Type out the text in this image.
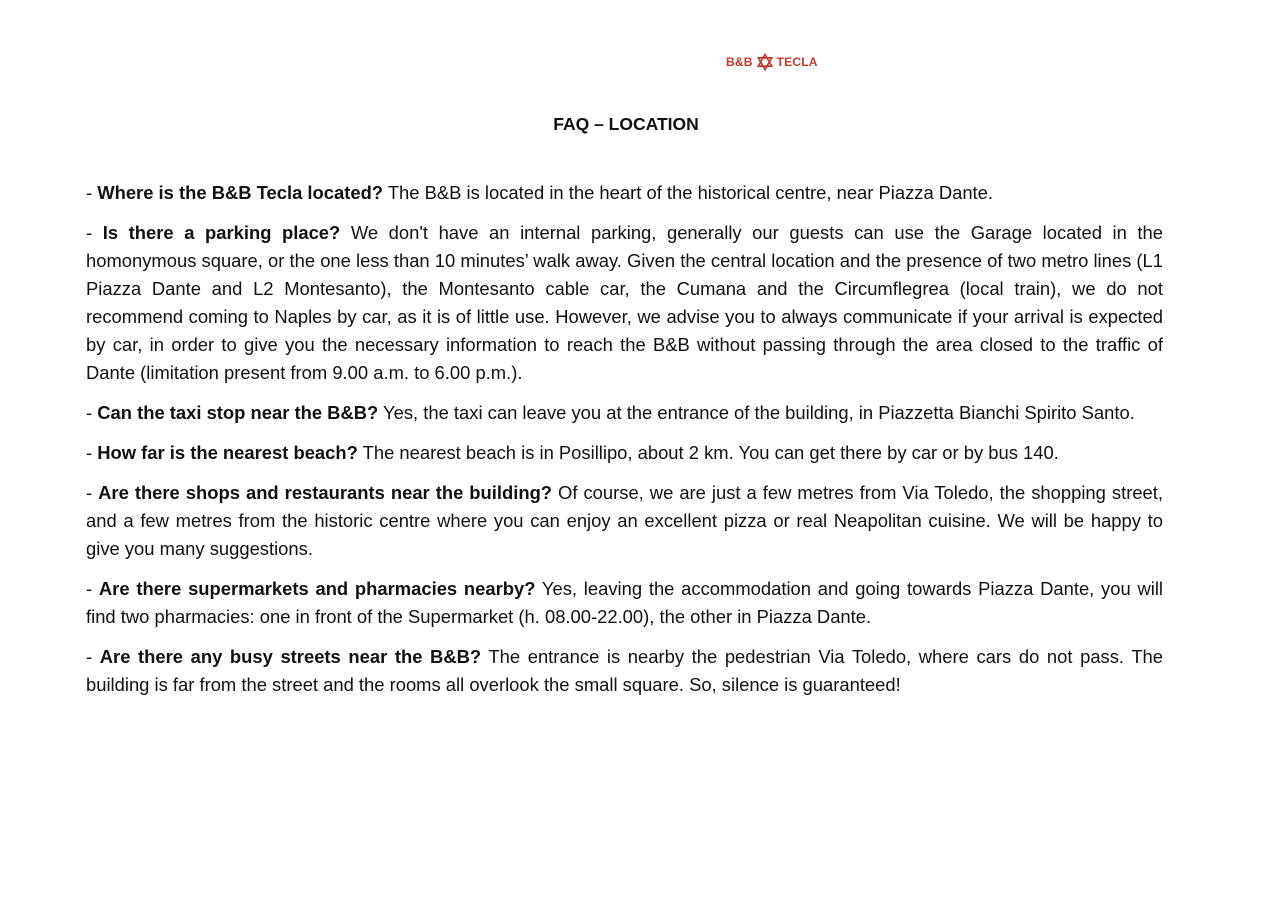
B&B TECLA
FAQ – LOCATION

- Where is the B&B Tecla located? The B&B is located in the heart of the historical centre, near Piazza Dante.

- Is there a parking place? We don't have an internal parking, generally our guests can use the Garage located in the homonymous square, or the one less than 10 minutes’ walk away. Given the central location and the presence of two metro lines (L1 Piazza Dante and L2 Montesanto), the Montesanto cable car, the Cumana and the Circumflegrea (local train), we do not recommend coming to Naples by car, as it is of little use. However, we advise you to always communicate if your arrival is expected by car, in order to give you the necessary information to reach the B&B without passing through the area closed to the traffic of Dante (limitation present from 9.00 a.m. to 6.00 p.m.).

- Can the taxi stop near the B&B? Yes, the taxi can leave you at the entrance of the building, in Piazzetta Bianchi Spirito Santo.

- How far is the nearest beach? The nearest beach is in Posillipo, about 2 km. You can get there by car or by bus 140.

- Are there shops and restaurants near the building? Of course, we are just a few metres from Via Toledo, the shopping street, and a few metres from the historic centre where you can enjoy an excellent pizza or real Neapolitan cuisine. We will be happy to give you many suggestions.

- Are there supermarkets and pharmacies nearby? Yes, leaving the accommodation and going towards Piazza Dante, you will find two pharmacies: one in front of the Supermarket (h. 08.00-22.00), the other in Piazza Dante.

- Are there any busy streets near the B&B? The entrance is nearby the pedestrian Via Toledo, where cars do not pass. The building is far from the street and the rooms all overlook the small square. So, silence is guaranteed!
